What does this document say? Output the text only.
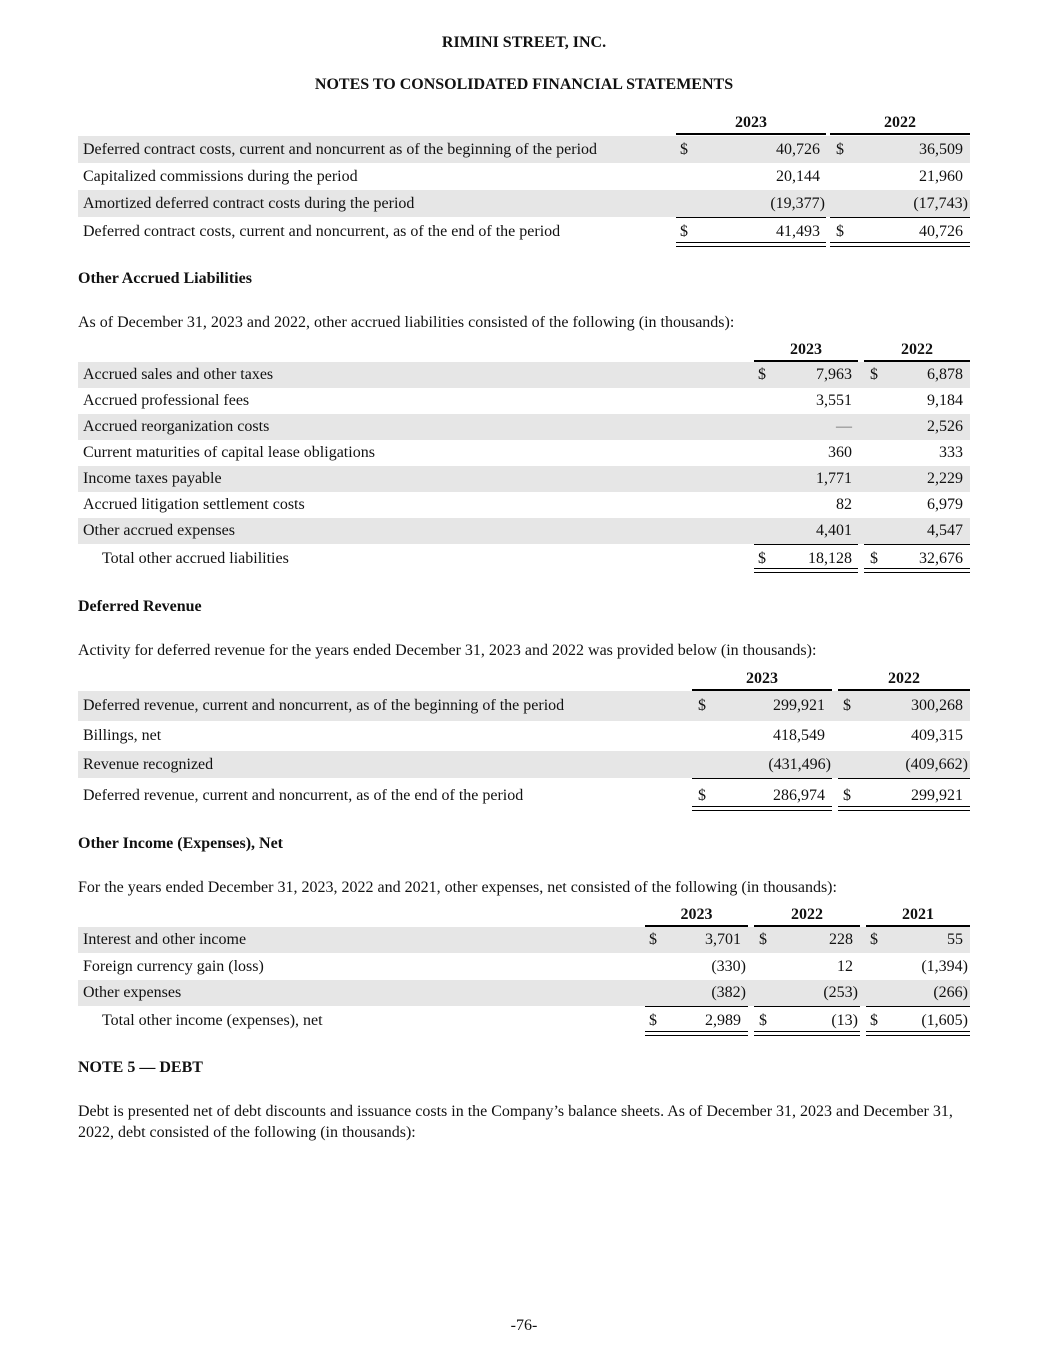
RIMINI STREET, INC.
NOTES TO CONSOLIDATED FINANCIAL STATEMENTS
2023	2022
Deferred contract costs, current and noncurrent as of the beginning of the period	$	40,726 $	36,509
Capitalized commissions during the period	20,144	21,960
Amortized deferred contract costs during the period	(19,377)	(17,743)
Deferred contract costs, current and noncurrent, as of the end of the period	$	41,493 $	40,726
Other Accrued Liabilities
As of December 31, 2023 and 2022, other accrued liabilities consisted of the following (in thousands):
2023	2022
Accrued sales and other taxes	$	7,963 $	6,878
Accrued professional fees	3,551	9,184
Accrued reorganization costs	—	2,526
Current maturities of capital lease obligations	360	333
Income taxes payable	1,771	2,229
Accrued litigation settlement costs	82	6,979
Other accrued expenses	4,401	4,547
Total other accrued liabilities	$	18,128 $	32,676
Deferred Revenue
Activity for deferred revenue for the years ended December 31, 2023 and 2022 was provided below (in thousands):
2023	2022
Deferred revenue, current and noncurrent, as of the beginning of the period	$	299,921 $	300,268
Billings, net	418,549	409,315
Revenue recognized	(431,496)	(409,662)
Deferred revenue, current and noncurrent, as of the end of the period	$	286,974 $	299,921
Other Income (Expenses), Net
For the years ended December 31, 2023, 2022 and 2021, other expenses, net consisted of the following (in thousands):
2023	2022	2021
Interest and other income	$	3,701 $	228 $	55
Foreign currency gain (loss)	(330)	12	(1,394)
Other expenses	(382)	(253)	(266)
Total other income (expenses), net	$	2,989 $	(13) $	(1,605)
NOTE 5 — DEBT
Debt is presented net of debt discounts and issuance costs in the Company’s balance sheets. As of December 31, 2023 and December 31, 2022, debt consisted of the following (in thousands):
-76-
